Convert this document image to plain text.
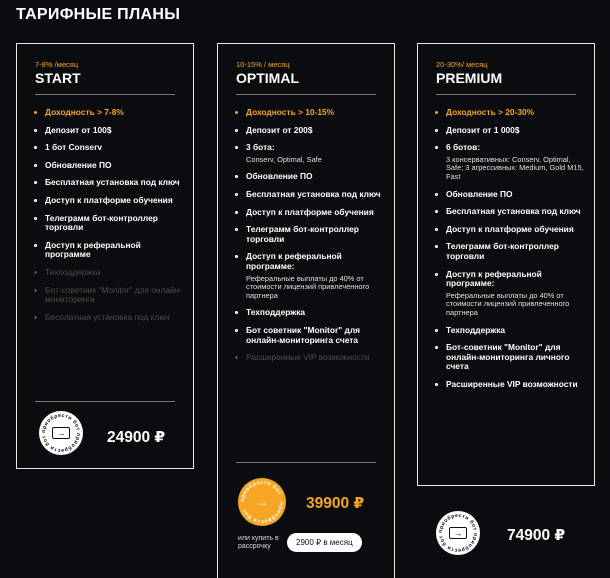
ТАРИФНЫЕ ПЛАНЫ
7-8% /месяц
START
Доходность > 7-8%
Депозит от 100$
1 бот Conserv
Обновление ПО
Бесплатная установка под ключ
Доступ к платформе обучения
Телеграмм бот-контроллер торговли
Доступ к реферальной программе
Техподдержка
Бот-советник "Monitor" для онлайн-мониторинга
Бесплатная установка под ключ
приобрести бот
приобрести бот →	24900 ₽
10-15% / месяц
OPTIMAL
Доходность > 10-15%
Депозит от 200$
3 бота:
Conserv, Optimal, Safe
Обновление ПО
Бесплатная установка под ключ
Доступ к платформе обучения
Телеграмм бот-контроллер торговли
Доступ к реферальной программе:
Реферальные выплаты до 40% от стоимости лицензий привлеченного партнера
Техподдержка
Бот советник "Monitor" для онлайн-мониторинга счета
Расширенные VIP возможности
приобрести бот
приобрести бот
→ 39900 ₽
или купить в рассрочку	2900 ₽ в месяц
20-30%/ месяц
PREMIUM
Доходность > 20-30%
Депозит от 1 000$
6 ботов:
3 консервативных: Conserv, Optimal, Safe; 3 агрессивных: Medium, Gold M15, Fast
Обновление ПО
Бесплатная установка под ключ
Доступ к платформе обучения
Телеграмм бот-контроллер торговли
Доступ к реферальной программе:
Реферальные выплаты до 40% от стоимости лицензий привлеченного партнера
Техподдержка
Бот-советник "Monitor" для онлайн-мониторинга личного счета
Расширенные VIP возможности
приобрести бот
приобрести бот →	74900 ₽
